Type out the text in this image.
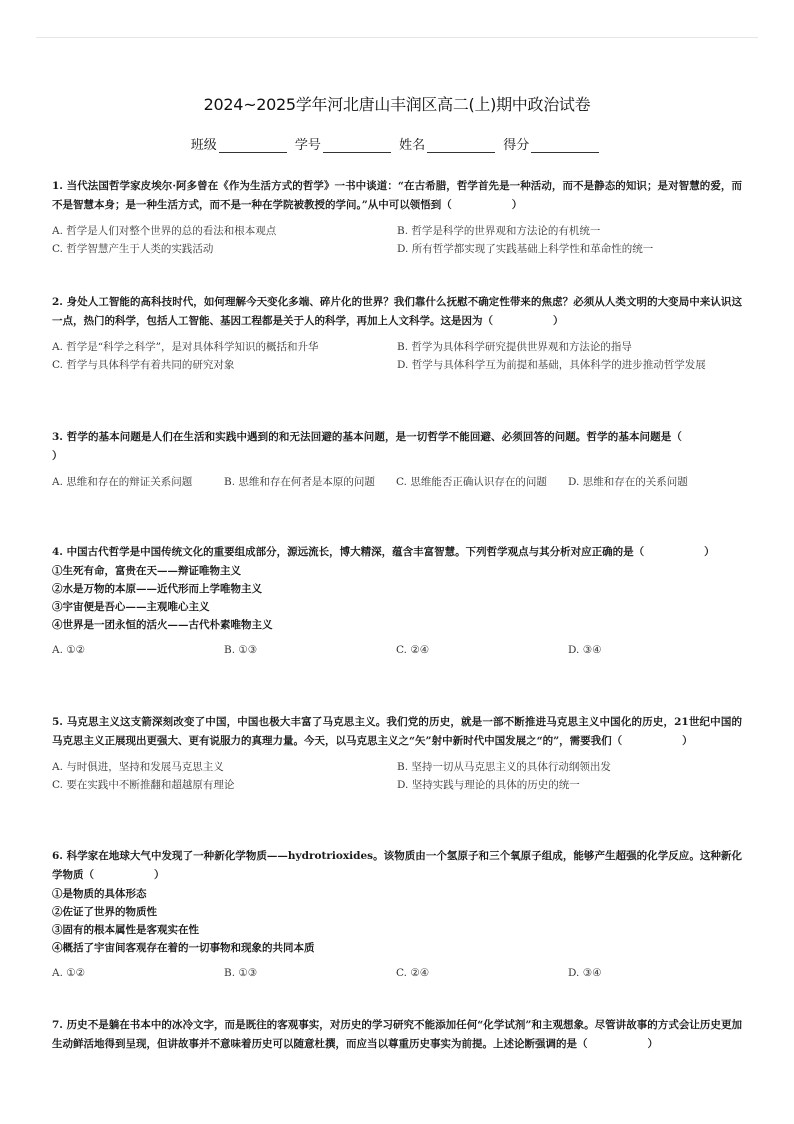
2024~2025学年河北唐山丰润区高二(上)期中政治试卷
班级	学号	姓名	得分
1. 当代法国哲学家皮埃尔·阿多曾在《作为生活方式的哲学》一书中谈道：“在古希腊，哲学首先是一种活动，而不是静态的知识；是对智慧的爱，而不是智慧本身；是一种生活方式，而不是一种在学院被教授的学问。”从中可以领悟到（	）
A. 哲学是人们对整个世界的总的看法和根本观点	B. 哲学是科学的世界观和方法论的有机统一
C. 哲学智慧产生于人类的实践活动	D. 所有哲学都实现了实践基础上科学性和革命性的统一
2. 身处人工智能的高科技时代，如何理解今天变化多端、碎片化的世界？我们靠什么抚慰不确定性带来的焦虑？必须从人类文明的大变局中来认识这一点，热门的科学，包括人工智能、基因工程都是关于人的科学，再加上人文科学。这是因为（	）
A. 哲学是“科学之科学”，是对具体科学知识的概括和升华	B. 哲学为具体科学研究提供世界观和方法论的指导
C. 哲学与具体科学有着共同的研究对象	D. 哲学与具体科学互为前提和基础，具体科学的进步推动哲学发展
3. 哲学的基本问题是人们在生活和实践中遇到的和无法回避的基本问题，是一切哲学不能回避、必须回答的问题。哲学的基本问题是（）
A. 思维和存在的辩证关系问题	B. 思维和存在何者是本原的问题	C. 思维能否正确认识存在的问题	D. 思维和存在的关系问题
4. 中国古代哲学是中国传统文化的重要组成部分，源远流长，博大精深，蕴含丰富智慧。下列哲学观点与其分析对应正确的是（	）
①生死有命，富贵在天——辩证唯物主义
②水是万物的本原——近代形而上学唯物主义
③宇宙便是吾心——主观唯心主义
④世界是一团永恒的活火——古代朴素唯物主义
A. ①②	B. ①③	C. ②④	D. ③④
5. 马克思主义这支箭深刻改变了中国，中国也极大丰富了马克思主义。我们党的历史，就是一部不断推进马克思主义中国化的历史，21世纪中国的马克思主义正展现出更强大、更有说服力的真理力量。今天，以马克思主义之“矢”射中新时代中国发展之“的”，需要我们（	）
A. 与时俱进，坚持和发展马克思主义	B. 坚持一切从马克思主义的具体行动纲领出发
C. 要在实践中不断推翻和超越原有理论	D. 坚持实践与理论的具体的历史的统一
6. 科学家在地球大气中发现了一种新化学物质——hydrotrioxides。该物质由一个氢原子和三个氧原子组成，能够产生超强的化学反应。这种新化学物质（	）
①是物质的具体形态
②佐证了世界的物质性
③固有的根本属性是客观实在性
④概括了宇宙间客观存在着的一切事物和现象的共同本质
A. ①②	B. ①③	C. ②④	D. ③④
7. 历史不是躺在书本中的冰冷文字，而是既往的客观事实，对历史的学习研究不能添加任何“化学试剂”和主观想象。尽管讲故事的方式会让历史更加生动鲜活地得到呈现，但讲故事并不意味着历史可以随意杜撰，而应当以尊重历史事实为前提。上述论断强调的是（	）
